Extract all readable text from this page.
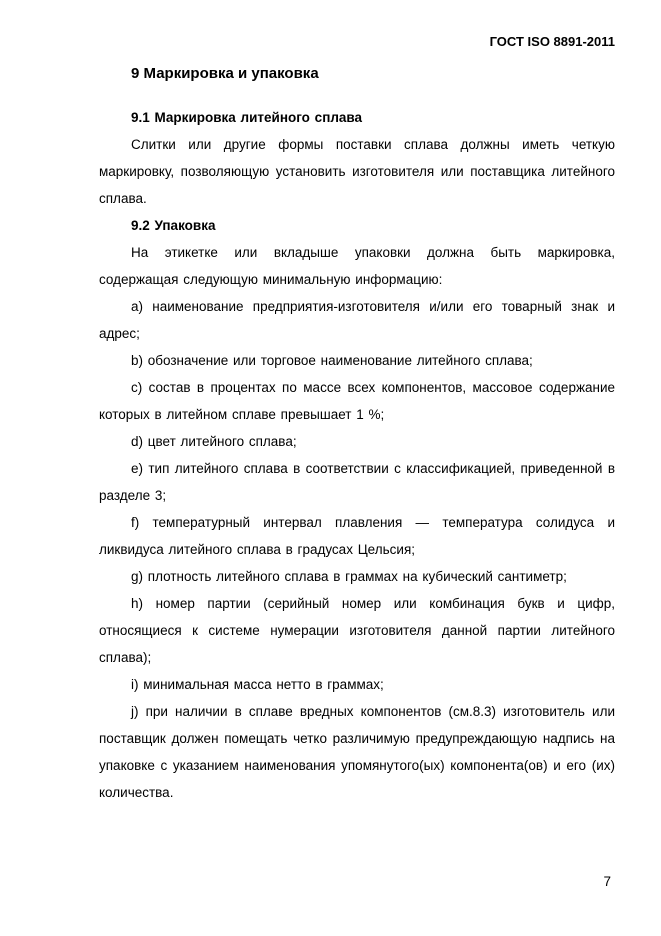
ГОСТ ISO 8891-2011
9 Маркировка и упаковка

9.1 Маркировка литейного сплава

Слитки или другие формы поставки сплава должны иметь четкую маркировку, позволяющую установить изготовителя или поставщика литейного сплава.

9.2 Упаковка

На этикетке или вкладыше упаковки должна быть маркировка, содержащая следующую минимальную информацию:

a) наименование предприятия-изготовителя и/или его товарный знак и адрес;

b) обозначение или торговое наименование литейного сплава;

c) состав в процентах по массе всех компонентов, массовое содержание которых в литейном сплаве превышает 1 %;

d) цвет литейного сплава;

e) тип литейного сплава в соответствии с классификацией, приведенной в разделе 3;

f) температурный интервал плавления — температура солидуса и ликвидуса литейного сплава в градусах Цельсия;

g) плотность литейного сплава в граммах на кубический сантиметр;

h) номер партии (серийный номер или комбинация букв и цифр, относящиеся к системе нумерации изготовителя данной партии литейного сплава);

i) минимальная масса нетто в граммах;

j) при наличии в сплаве вредных компонентов (см.8.3) изготовитель или поставщик должен помещать четко различимую предупреждающую надпись на упаковке с указанием наименования упомянутого(ых) компонента(ов) и его (их) количества.

7
